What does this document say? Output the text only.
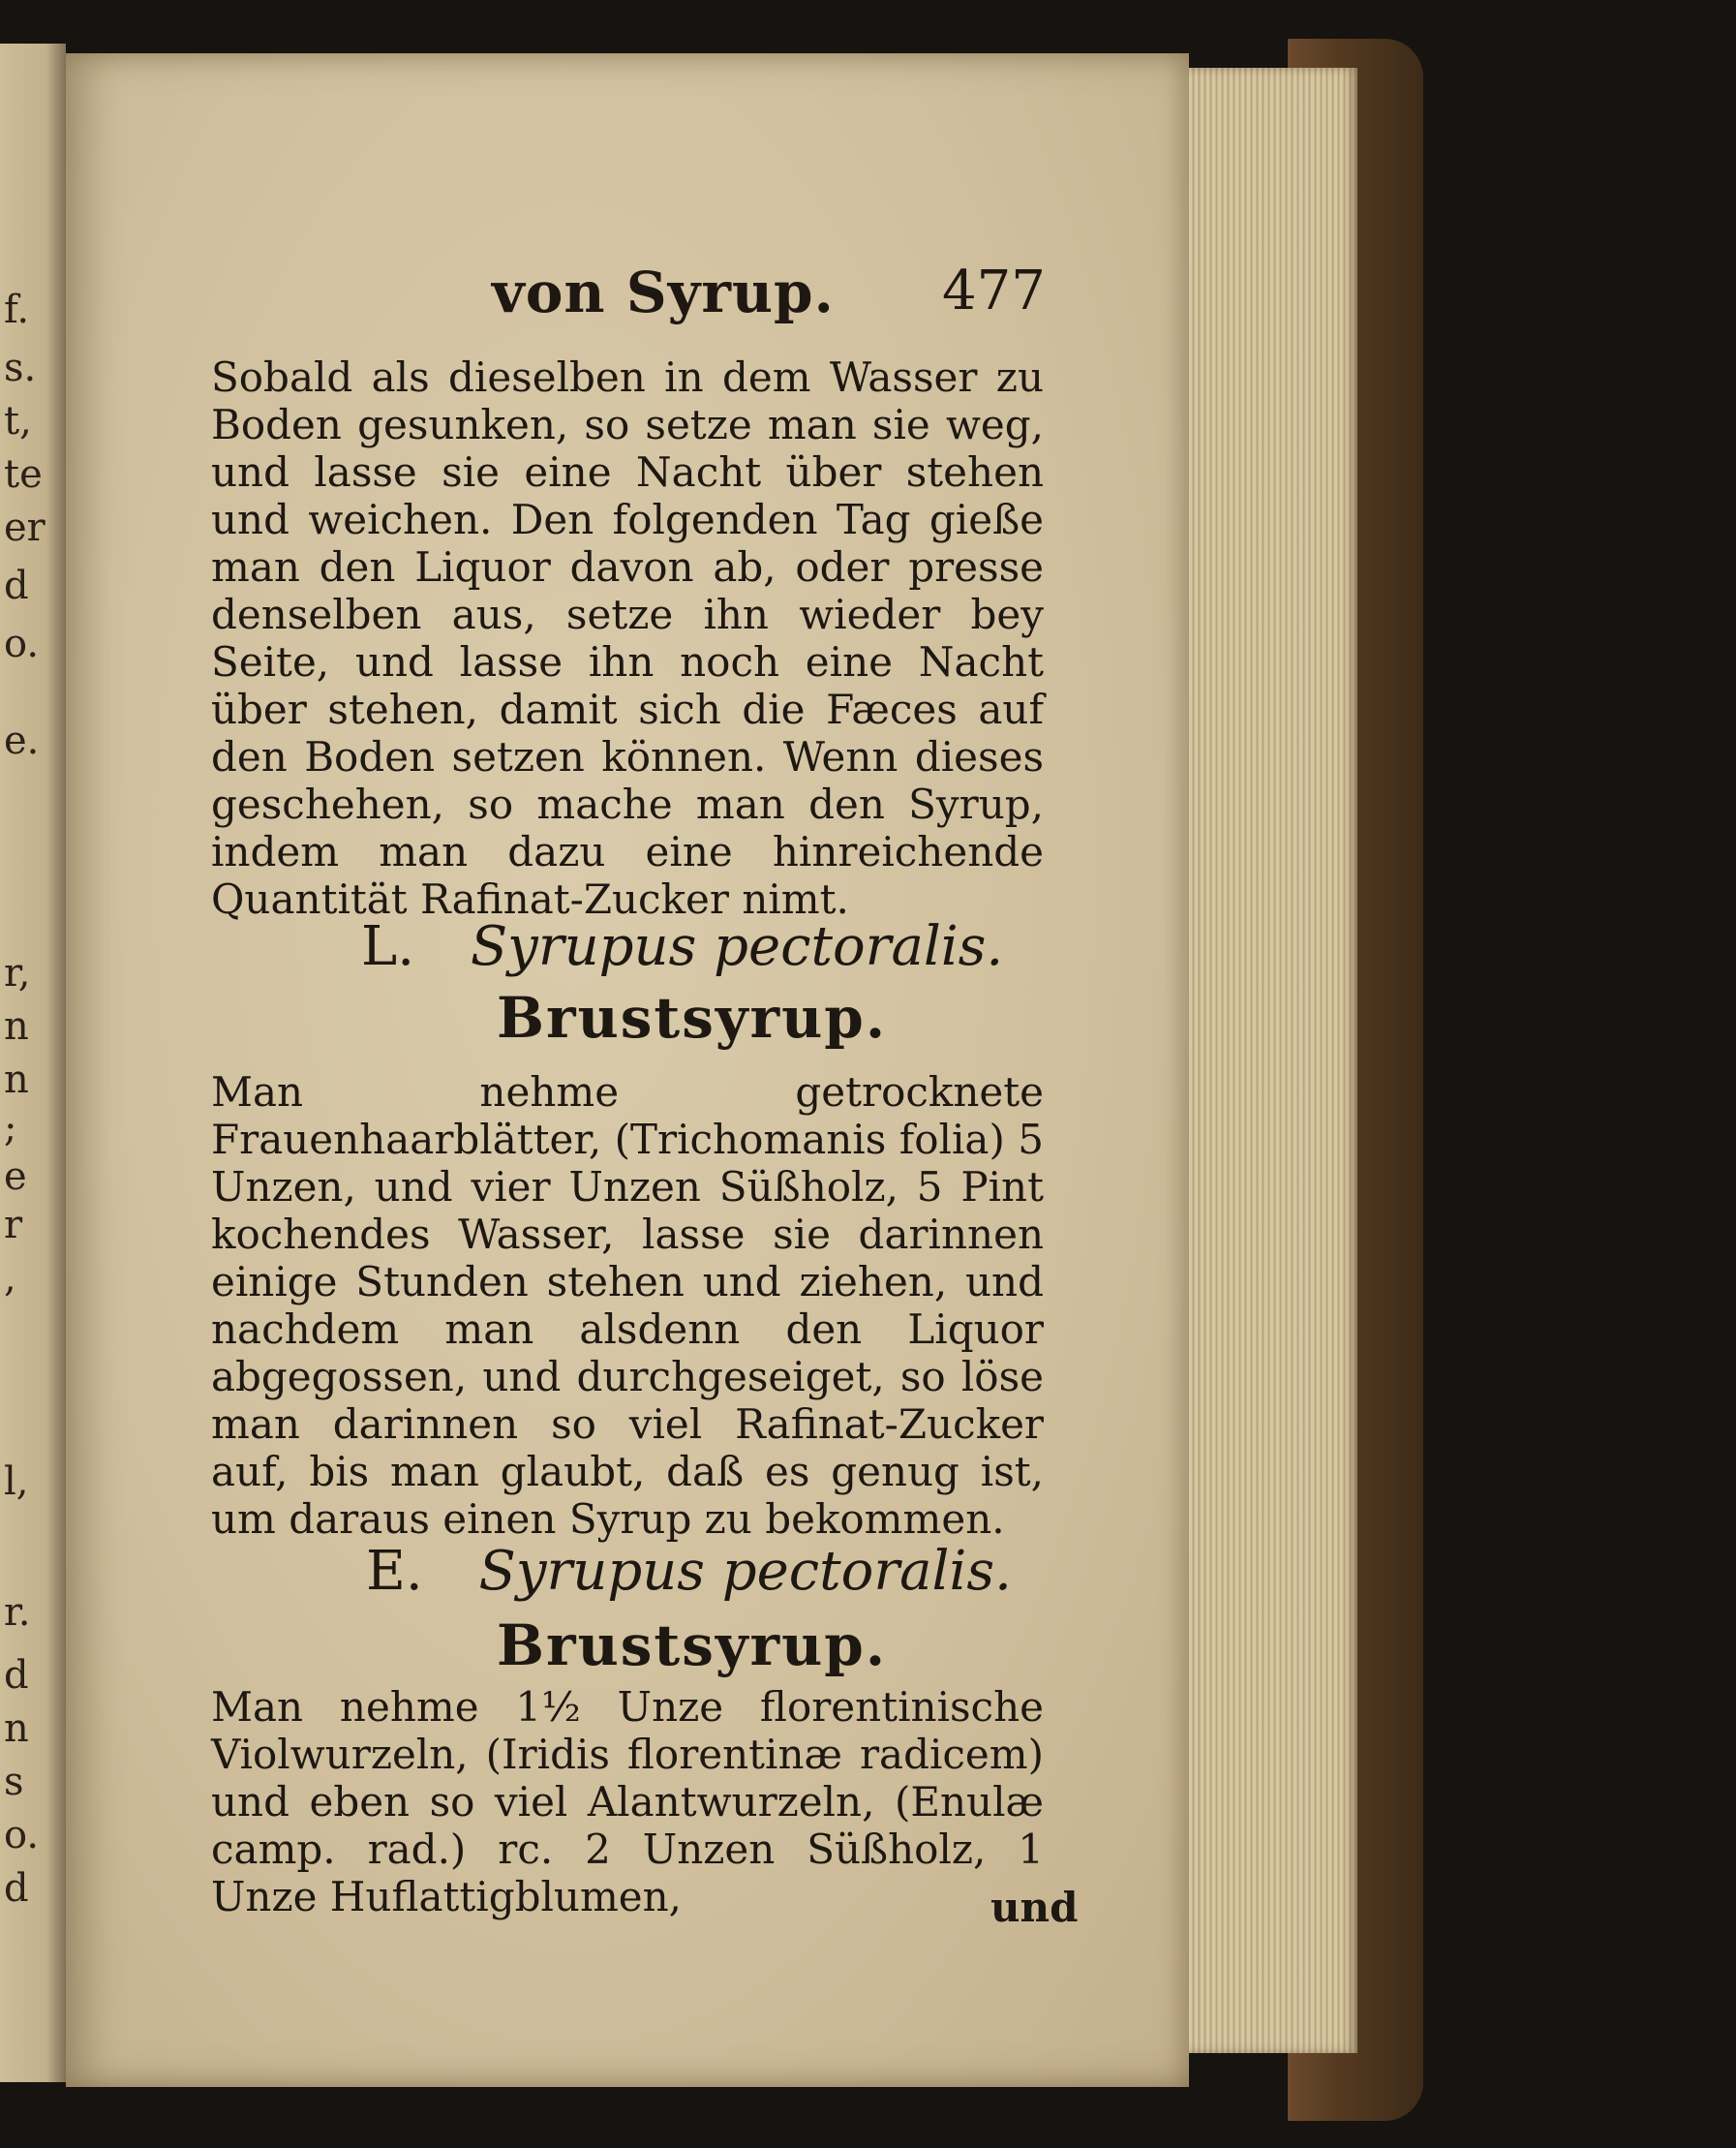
f.
s.
t,
te
er
d
o.
e.
r,
n
n
;
e
r
,
l,
r.
d
n
s
o.
d
von Syrup. 477

Sobald als dieselben in dem Wasser zu Boden gesunken, so setze man sie weg, und lasse sie eine Nacht über stehen und weichen. Den folgenden Tag gieße man den Liquor davon ab, oder presse denselben aus, setze ihn wieder bey Seite, und lasse ihn noch eine Nacht über stehen, damit sich die Fæces auf den Boden setzen können. Wenn dieses geschehen, so mache man den Syrup, indem man dazu eine hinreichende Quantität Rafinat-Zucker nimt.

L. Syrupus pectoralis.
Brustsyrup.

Man nehme getrocknete Frauenhaarblätter, (Trichomanis folia) 5 Unzen, und vier Unzen Süßholz, 5 Pint kochendes Wasser, lasse sie darinnen einige Stunden stehen und ziehen, und nachdem man alsdenn den Liquor abgegossen, und durchgeseiget, so löse man darinnen so viel Rafinat-Zucker auf, bis man glaubt, daß es genug ist, um daraus einen Syrup zu bekommen.

E. Syrupus pectoralis.
Brustsyrup.

Man nehme 1½ Unze florentinische Violwurzeln, (Iridis florentinæ radicem) und eben so viel Alantwurzeln, (Enulæ camp. rad.) rc. 2 Unzen Süßholz, 1 Unze Huflattigblumen,	und
